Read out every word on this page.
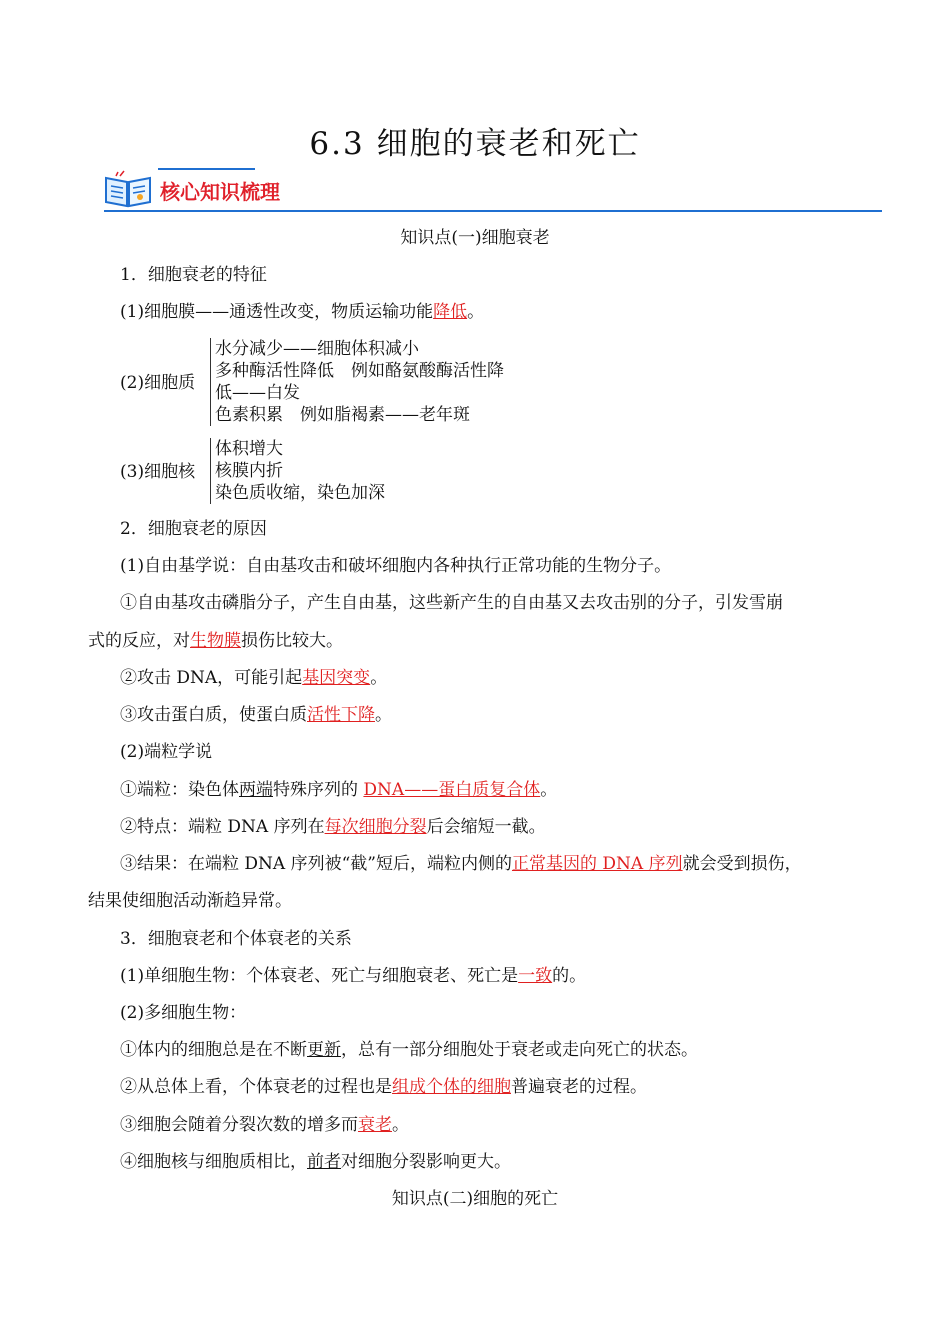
6.3 细胞的衰老和死亡
核心知识梳理
知识点(一)细胞衰老
1．细胞衰老的特征
(1)细胞膜——通透性改变，物质运输功能降低。
(2)细胞质
水分减少——细胞体积减小
多种酶活性降低　例如酪氨酸酶活性降
低——白发
色素积累　例如脂褐素——老年斑
(3)细胞核
体积增大
核膜内折
染色质收缩，染色加深
2．细胞衰老的原因
(1)自由基学说：自由基攻击和破坏细胞内各种执行正常功能的生物分子。
①自由基攻击磷脂分子，产生自由基，这些新产生的自由基又去攻击别的分子，引发雪崩
式的反应，对生物膜损伤比较大。
②攻击 DNA，可能引起基因突变。
③攻击蛋白质，使蛋白质活性下降。
(2)端粒学说
①端粒：染色体两端特殊序列的 DNA——蛋白质复合体。
②特点：端粒 DNA 序列在每次细胞分裂后会缩短一截。
③结果：在端粒 DNA 序列被“截”短后，端粒内侧的正常基因的 DNA 序列就会受到损伤，
结果使细胞活动渐趋异常。
3．细胞衰老和个体衰老的关系
(1)单细胞生物：个体衰老、死亡与细胞衰老、死亡是一致的。
(2)多细胞生物：
①体内的细胞总是在不断更新，总有一部分细胞处于衰老或走向死亡的状态。
②从总体上看，个体衰老的过程也是组成个体的细胞普遍衰老的过程。
③细胞会随着分裂次数的增多而衰老。
④细胞核与细胞质相比，前者对细胞分裂影响更大。
知识点(二)细胞的死亡
